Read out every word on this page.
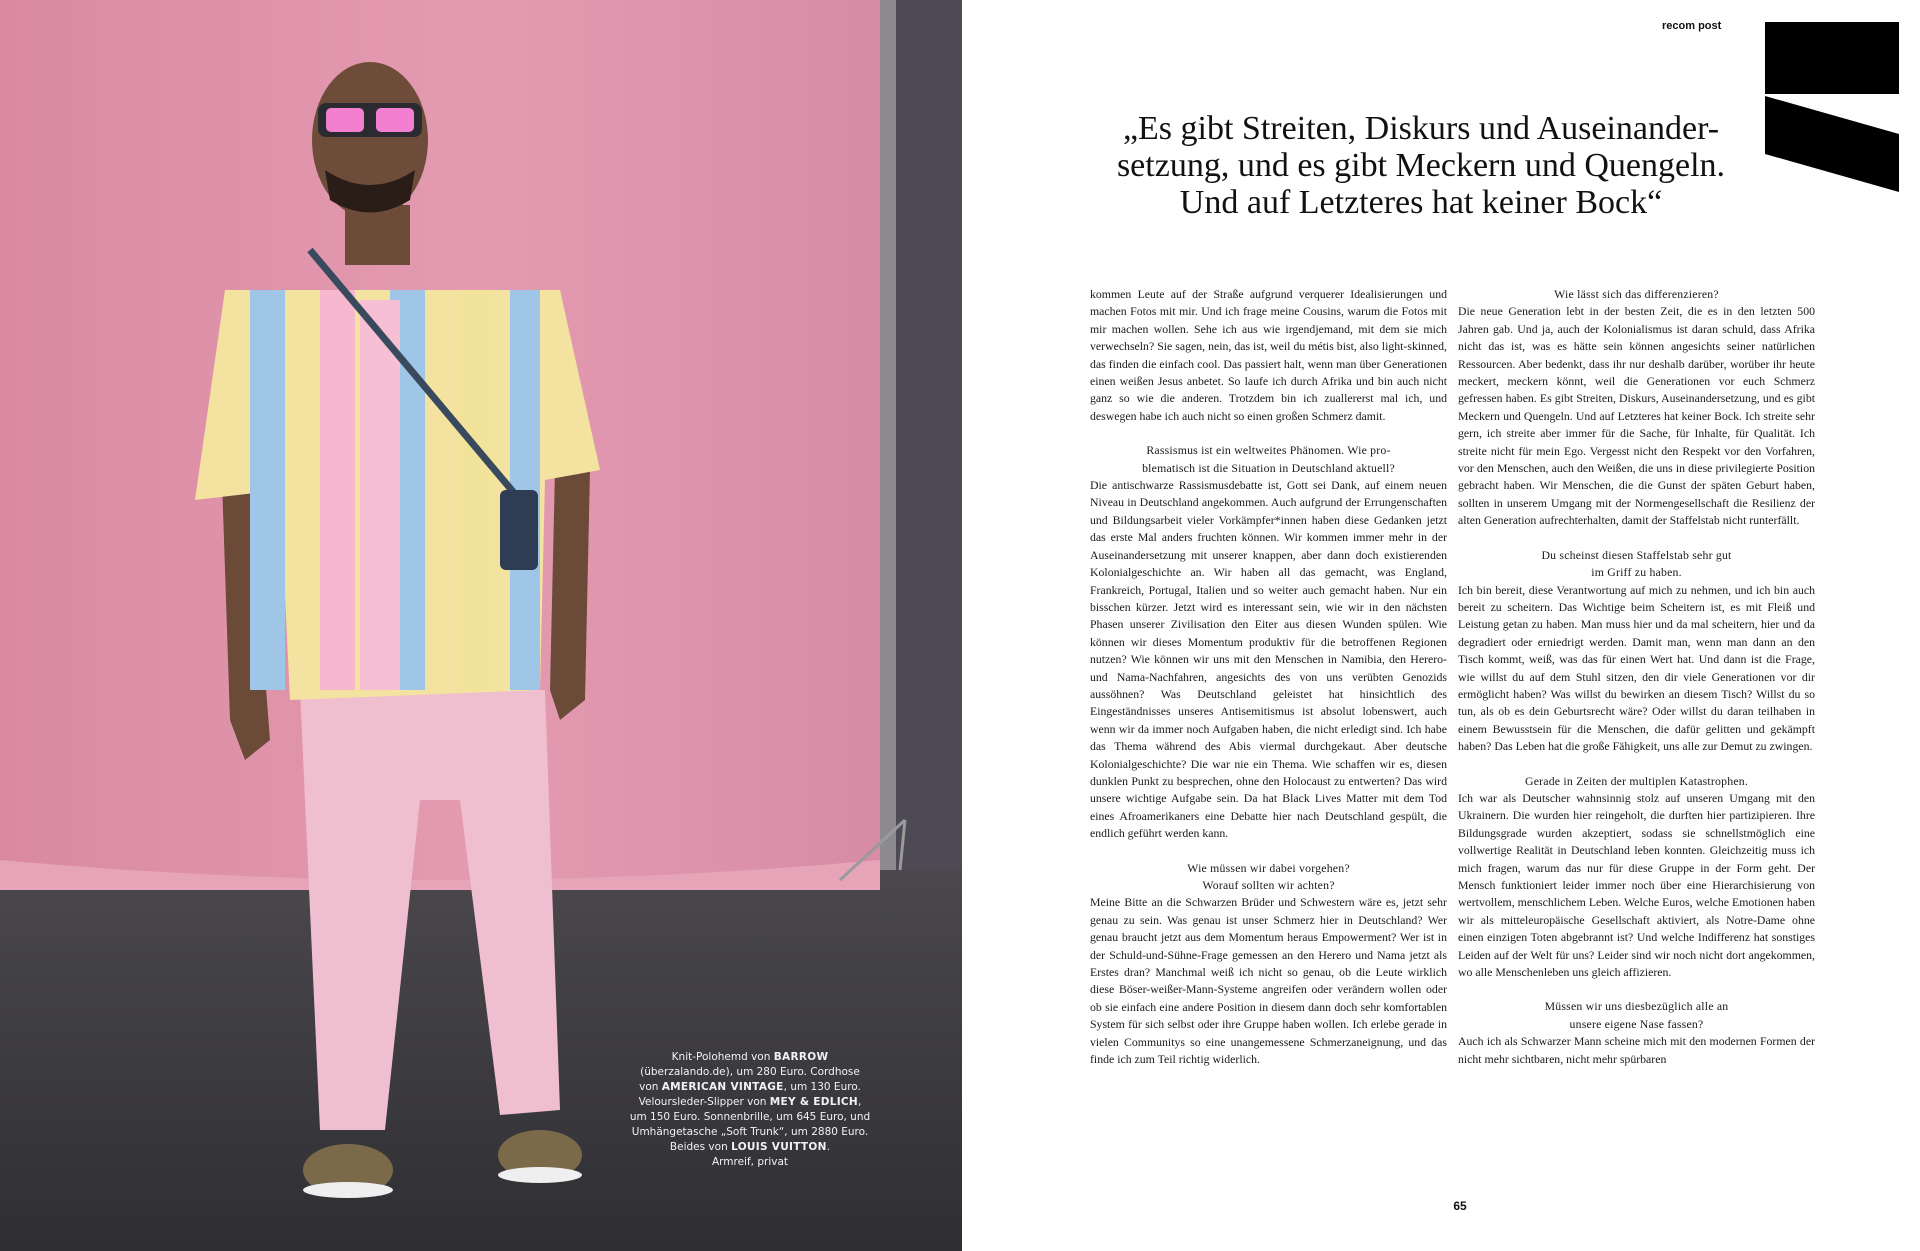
Knit-Polohemd von BARROW
(überzalando.de), um 280 Euro. Cordhose
von AMERICAN VINTAGE, um 130 Euro.
Veloursleder-Slipper von MEY & EDLICH,
um 150 Euro. Sonnenbrille, um 645 Euro, und
Umhängetasche „Soft Trunk“, um 2880 Euro.
Beides von LOUIS VUITTON.
Armreif, privat
recom post
„Es gibt Streiten, Diskurs und Auseinander-
setzung, und es gibt Meckern und Quengeln.
Und auf Letzteres hat keiner Bock“

kommen Leute auf der Straße aufgrund verquerer Idealisierungen und machen Fotos mit mir. Und ich frage meine Cousins, warum die Fotos mit mir machen wollen. Sehe ich aus wie irgendjemand, mit dem sie mich verwechseln? Sie sagen, nein, das ist, weil du métis bist, also light-skinned, das finden die einfach cool. Das passiert halt, wenn man über Generationen einen weißen Jesus anbetet. So laufe ich durch Afrika und bin auch nicht ganz so wie die anderen. Trotzdem bin ich zuallererst mal ich, und deswegen habe ich auch nicht so einen großen Schmerz damit.

Rassismus ist ein weltweites Phänomen. Wie pro-
blematisch ist die Situation in Deutschland aktuell?

Die antischwarze Rassismusdebatte ist, Gott sei Dank, auf einem neuen Niveau in Deutschland angekommen. Auch aufgrund der Errungenschaften und Bildungsarbeit vieler Vorkämpfer*innen haben diese Gedanken jetzt das erste Mal anders fruchten können. Wir kommen immer mehr in der Auseinandersetzung mit unserer knappen, aber dann doch existierenden Kolonialgeschichte an. Wir haben all das gemacht, was England, Frankreich, Portugal, Italien und so weiter auch gemacht haben. Nur ein bisschen kürzer. Jetzt wird es interessant sein, wie wir in den nächsten Phasen unserer Zivilisation den Eiter aus diesen Wunden spülen. Wie können wir dieses Momentum produktiv für die betroffenen Regionen nutzen? Wie können wir uns mit den Menschen in Namibia, den Herero- und Nama-Nachfahren, angesichts des von uns verübten Genozids aussöhnen? Was Deutschland geleistet hat hinsichtlich des Eingeständnisses unseres Antisemitismus ist absolut lobenswert, auch wenn wir da immer noch Aufgaben haben, die nicht erledigt sind. Ich habe das Thema während des Abis viermal durchgekaut. Aber deutsche Kolonialgeschichte? Die war nie ein Thema. Wie schaffen wir es, diesen dunklen Punkt zu besprechen, ohne den Holocaust zu entwerten? Das wird unsere wichtige Aufgabe sein. Da hat Black Lives Matter mit dem Tod eines Afroamerikaners eine Debatte hier nach Deutschland gespült, die endlich geführt werden kann.

Wie müssen wir dabei vorgehen?
Worauf sollten wir achten?

Meine Bitte an die Schwarzen Brüder und Schwestern wäre es, jetzt sehr genau zu sein. Was genau ist unser Schmerz hier in Deutschland? Wer genau braucht jetzt aus dem Momentum heraus Empowerment? Wer ist in der Schuld-und-Sühne-Frage gemessen an den Herero und Nama jetzt als Erstes dran? Manchmal weiß ich nicht so genau, ob die Leute wirklich diese Böser-weißer-Mann-Systeme angreifen oder verändern wollen oder ob sie einfach eine andere Position in diesem dann doch sehr komfortablen System für sich selbst oder ihre Gruppe haben wollen. Ich erlebe gerade in vielen Communitys so eine unangemessene Schmerzaneignung, und das finde ich zum Teil richtig widerlich.

Wie lässt sich das differenzieren?

Die neue Generation lebt in der besten Zeit, die es in den letzten 500 Jahren gab. Und ja, auch der Kolonialismus ist daran schuld, dass Afrika nicht das ist, was es hätte sein können angesichts seiner natürlichen Ressourcen. Aber bedenkt, dass ihr nur deshalb darüber, worüber ihr heute meckert, meckern könnt, weil die Generationen vor euch Schmerz gefressen haben. Es gibt Streiten, Diskurs, Auseinandersetzung, und es gibt Meckern und Quengeln. Und auf Letzteres hat keiner Bock. Ich streite sehr gern, ich streite aber immer für die Sache, für Inhalte, für Qualität. Ich streite nicht für mein Ego. Vergesst nicht den Respekt vor den Vorfahren, vor den Menschen, auch den Weißen, die uns in diese privilegierte Position gebracht haben. Wir Menschen, die die Gunst der späten Geburt haben, sollten in unserem Umgang mit der Normengesellschaft die Resilienz der alten Generation aufrechterhalten, damit der Staffelstab nicht runterfällt.

Du scheinst diesen Staffelstab sehr gut
im Griff zu haben.

Ich bin bereit, diese Verantwortung auf mich zu nehmen, und ich bin auch bereit zu scheitern. Das Wichtige beim Scheitern ist, es mit Fleiß und Leistung getan zu haben. Man muss hier und da mal scheitern, hier und da degradiert oder erniedrigt werden. Damit man, wenn man dann an den Tisch kommt, weiß, was das für einen Wert hat. Und dann ist die Frage, wie willst du auf dem Stuhl sitzen, den dir viele Generationen vor dir ermöglicht haben? Was willst du bewirken an diesem Tisch? Willst du so tun, als ob es dein Geburtsrecht wäre? Oder willst du daran teilhaben in einem Bewusstsein für die Menschen, die dafür gelitten und gekämpft haben? Das Leben hat die große Fähigkeit, uns alle zur Demut zu zwingen.

Gerade in Zeiten der multiplen Katastrophen.

Ich war als Deutscher wahnsinnig stolz auf unseren Umgang mit den Ukrainern. Die wurden hier reingeholt, die durften hier partizipieren. Ihre Bildungsgrade wurden akzeptiert, sodass sie schnellstmöglich eine vollwertige Realität in Deutschland leben konnten. Gleichzeitig muss ich mich fragen, warum das nur für diese Gruppe in der Form geht. Der Mensch funktioniert leider immer noch über eine Hierarchisierung von wertvollem, menschlichem Leben. Welche Euros, welche Emotionen haben wir als mitteleuropäische Gesellschaft aktiviert, als Notre-Dame ohne einen einzigen Toten abgebrannt ist? Und welche Indifferenz hat sonstiges Leiden auf der Welt für uns? Leider sind wir noch nicht dort angekommen, wo alle Menschenleben uns gleich affizieren.

Müssen wir uns diesbezüglich alle an
unsere eigene Nase fassen?

Auch ich als Schwarzer Mann scheine mich mit den modernen Formen der nicht mehr sichtbaren, nicht mehr spürbaren

65
